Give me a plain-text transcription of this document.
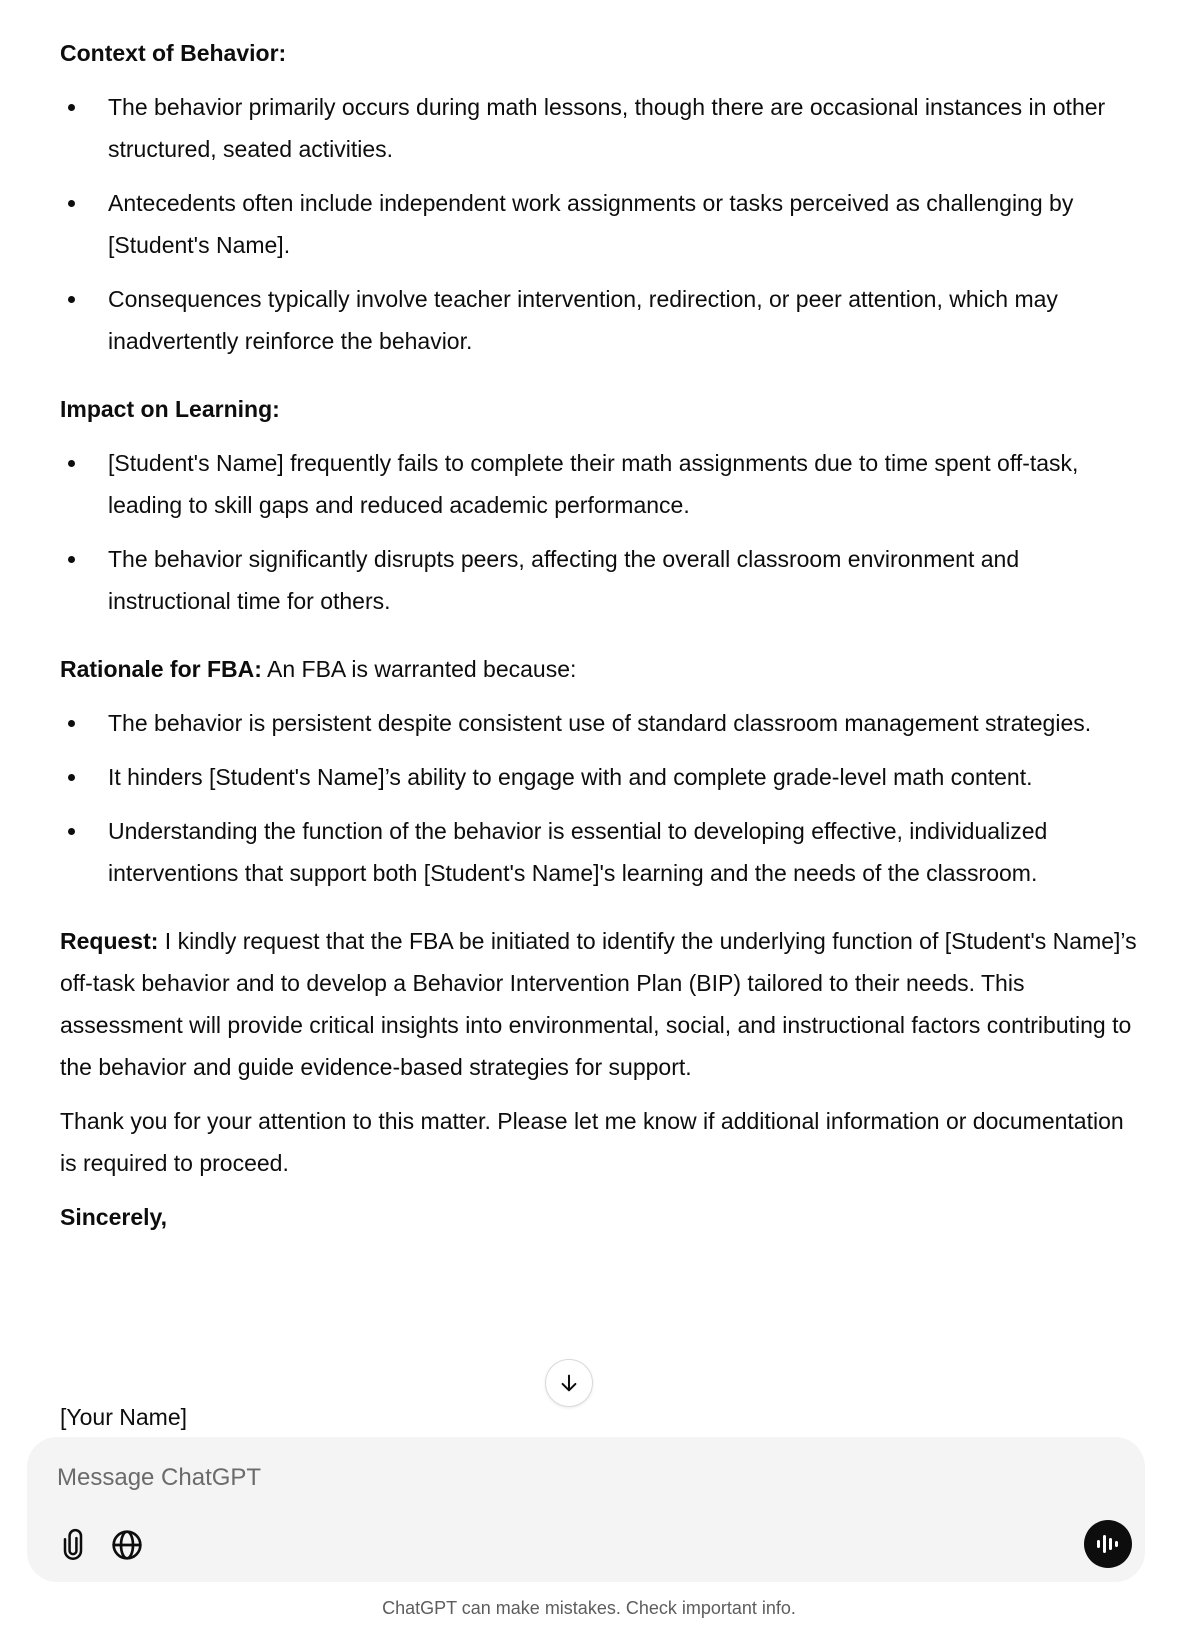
Context of Behavior:
The behavior primarily occurs during math lessons, though there are occasional instances in other structured, seated activities.
Antecedents often include independent work assignments or tasks perceived as challenging by [Student's Name].
Consequences typically involve teacher intervention, redirection, or peer attention, which may inadvertently reinforce the behavior.
Impact on Learning:
[Student's Name] frequently fails to complete their math assignments due to time spent off-task, leading to skill gaps and reduced academic performance.
The behavior significantly disrupts peers, affecting the overall classroom environment and instructional time for others.
Rationale for FBA: An FBA is warranted because:
The behavior is persistent despite consistent use of standard classroom management strategies.
It hinders [Student's Name]’s ability to engage with and complete grade-level math content.
Understanding the function of the behavior is essential to developing effective, individualized interventions that support both [Student's Name]'s learning and the needs of the classroom.
Request: I kindly request that the FBA be initiated to identify the underlying function of [Student's Name]’s off-task behavior and to develop a Behavior Intervention Plan (BIP) tailored to their needs. This assessment will provide critical insights into environmental, social, and instructional factors contributing to the behavior and guide evidence-based strategies for support.
Thank you for your attention to this matter. Please let me know if additional information or documentation is required to proceed.
Sincerely,
[Your Name]
Message ChatGPT
ChatGPT can make mistakes. Check important info.
